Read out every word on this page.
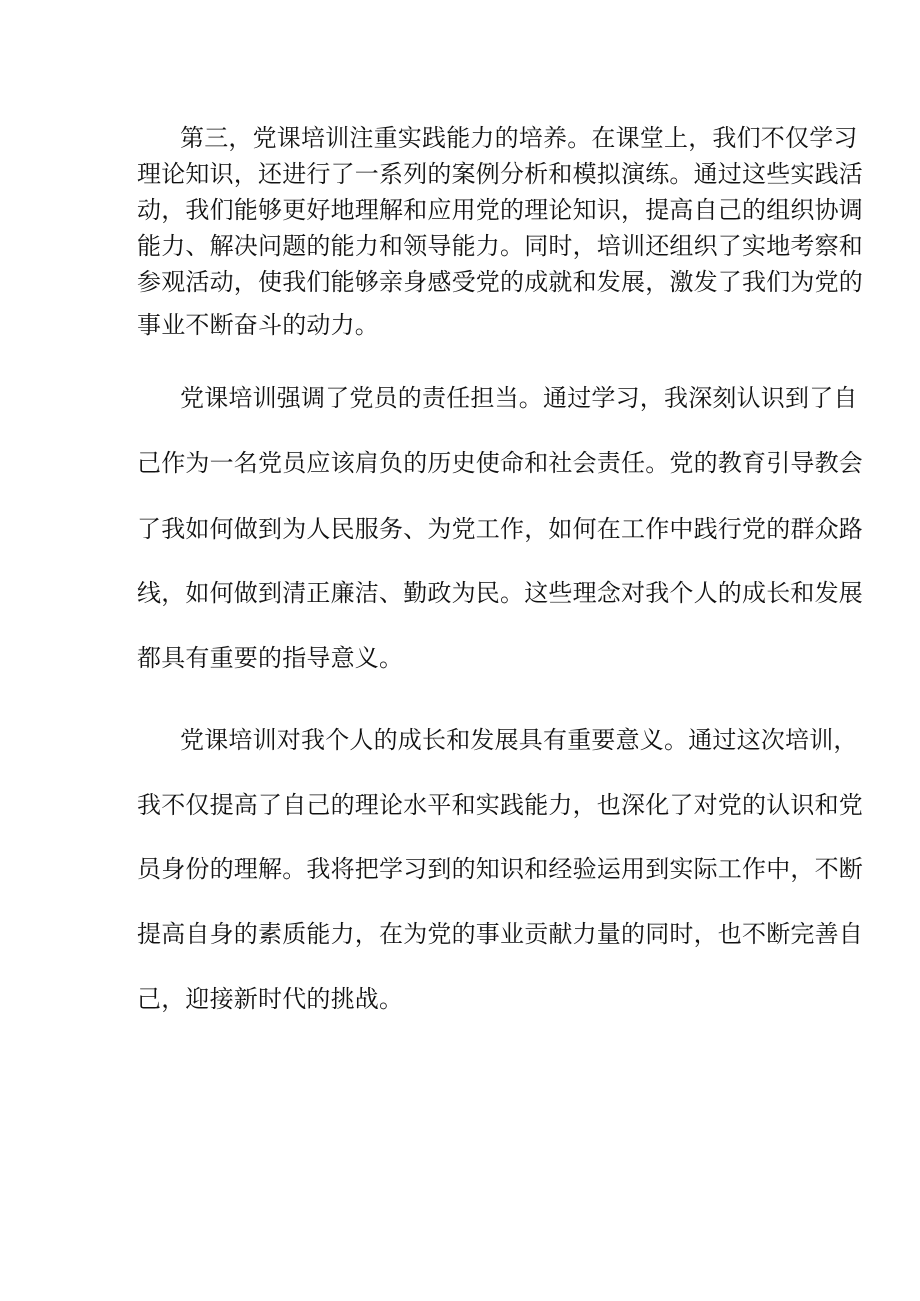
第三，党课培训注重实践能力的培养。在课堂上，我们不仅学习

理论知识，还进行了一系列的案例分析和模拟演练。通过这些实践活

动，我们能够更好地理解和应用党的理论知识，提高自己的组织协调

能力、解决问题的能力和领导能力。同时，培训还组织了实地考察和

参观活动，使我们能够亲身感受党的成就和发展，激发了我们为党的

事业不断奋斗的动力。

党课培训强调了党员的责任担当。通过学习，我深刻认识到了自

己作为一名党员应该肩负的历史使命和社会责任。党的教育引导教会

了我如何做到为人民服务、为党工作，如何在工作中践行党的群众路

线，如何做到清正廉洁、勤政为民。这些理念对我个人的成长和发展

都具有重要的指导意义。

党课培训对我个人的成长和发展具有重要意义。通过这次培训，

我不仅提高了自己的理论水平和实践能力，也深化了对党的认识和党

员身份的理解。我将把学习到的知识和经验运用到实际工作中，不断

提高自身的素质能力，在为党的事业贡献力量的同时，也不断完善自

己，迎接新时代的挑战。
